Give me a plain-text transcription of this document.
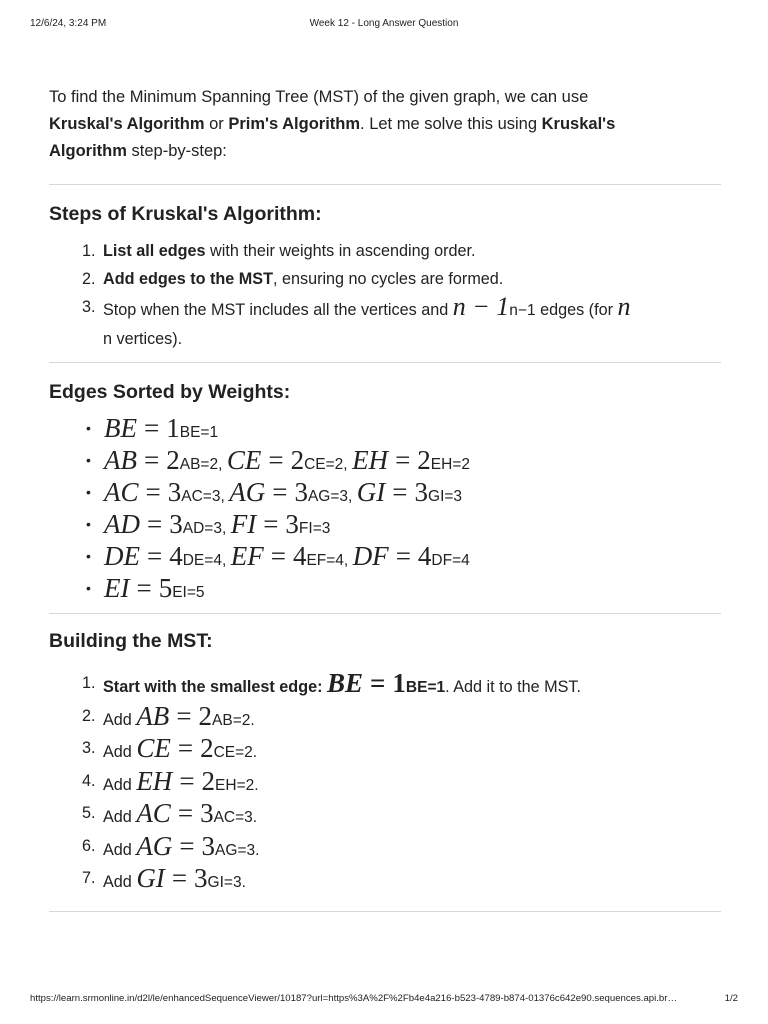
12/6/24, 3:24 PM	Week 12 - Long Answer Question

To find the Minimum Spanning Tree (MST) of the given graph, we can use
Kruskal's Algorithm or Prim's Algorithm. Let me solve this using Kruskal's
Algorithm step-by-step:

Steps of Kruskal's Algorithm:
1. List all edges with their weights in ascending order.
2. Add edges to the MST, ensuring no cycles are formed.
3. Stop when the MST includes all the vertices and n − 1n−1 edges (for n
n vertices).
Edges Sorted by Weights:
• BE = 1BE=1
• AB = 2AB=2, CE = 2CE=2, EH = 2EH=2
• AC = 3AC=3, AG = 3AG=3, GI = 3GI=3
• AD = 3AD=3, FI = 3FI=3
• DE = 4DE=4, EF = 4EF=4, DF = 4DF=4
• EI = 5EI=5
Building the MST:
1. Start with the smallest edge: BE = 1BE=1. Add it to the MST.
2. Add AB = 2AB=2.
3. Add CE = 2CE=2.
4. Add EH = 2EH=2.
5. Add AC = 3AC=3.
6. Add AG = 3AG=3.
7. Add GI = 3GI=3.
https://learn.srmonline.in/d2l/le/enhancedSequenceViewer/10187?url=https%3A%2F%2Fb4e4a216-b523-4789-b874-01376c642e90.sequences.api.br…	1/2
